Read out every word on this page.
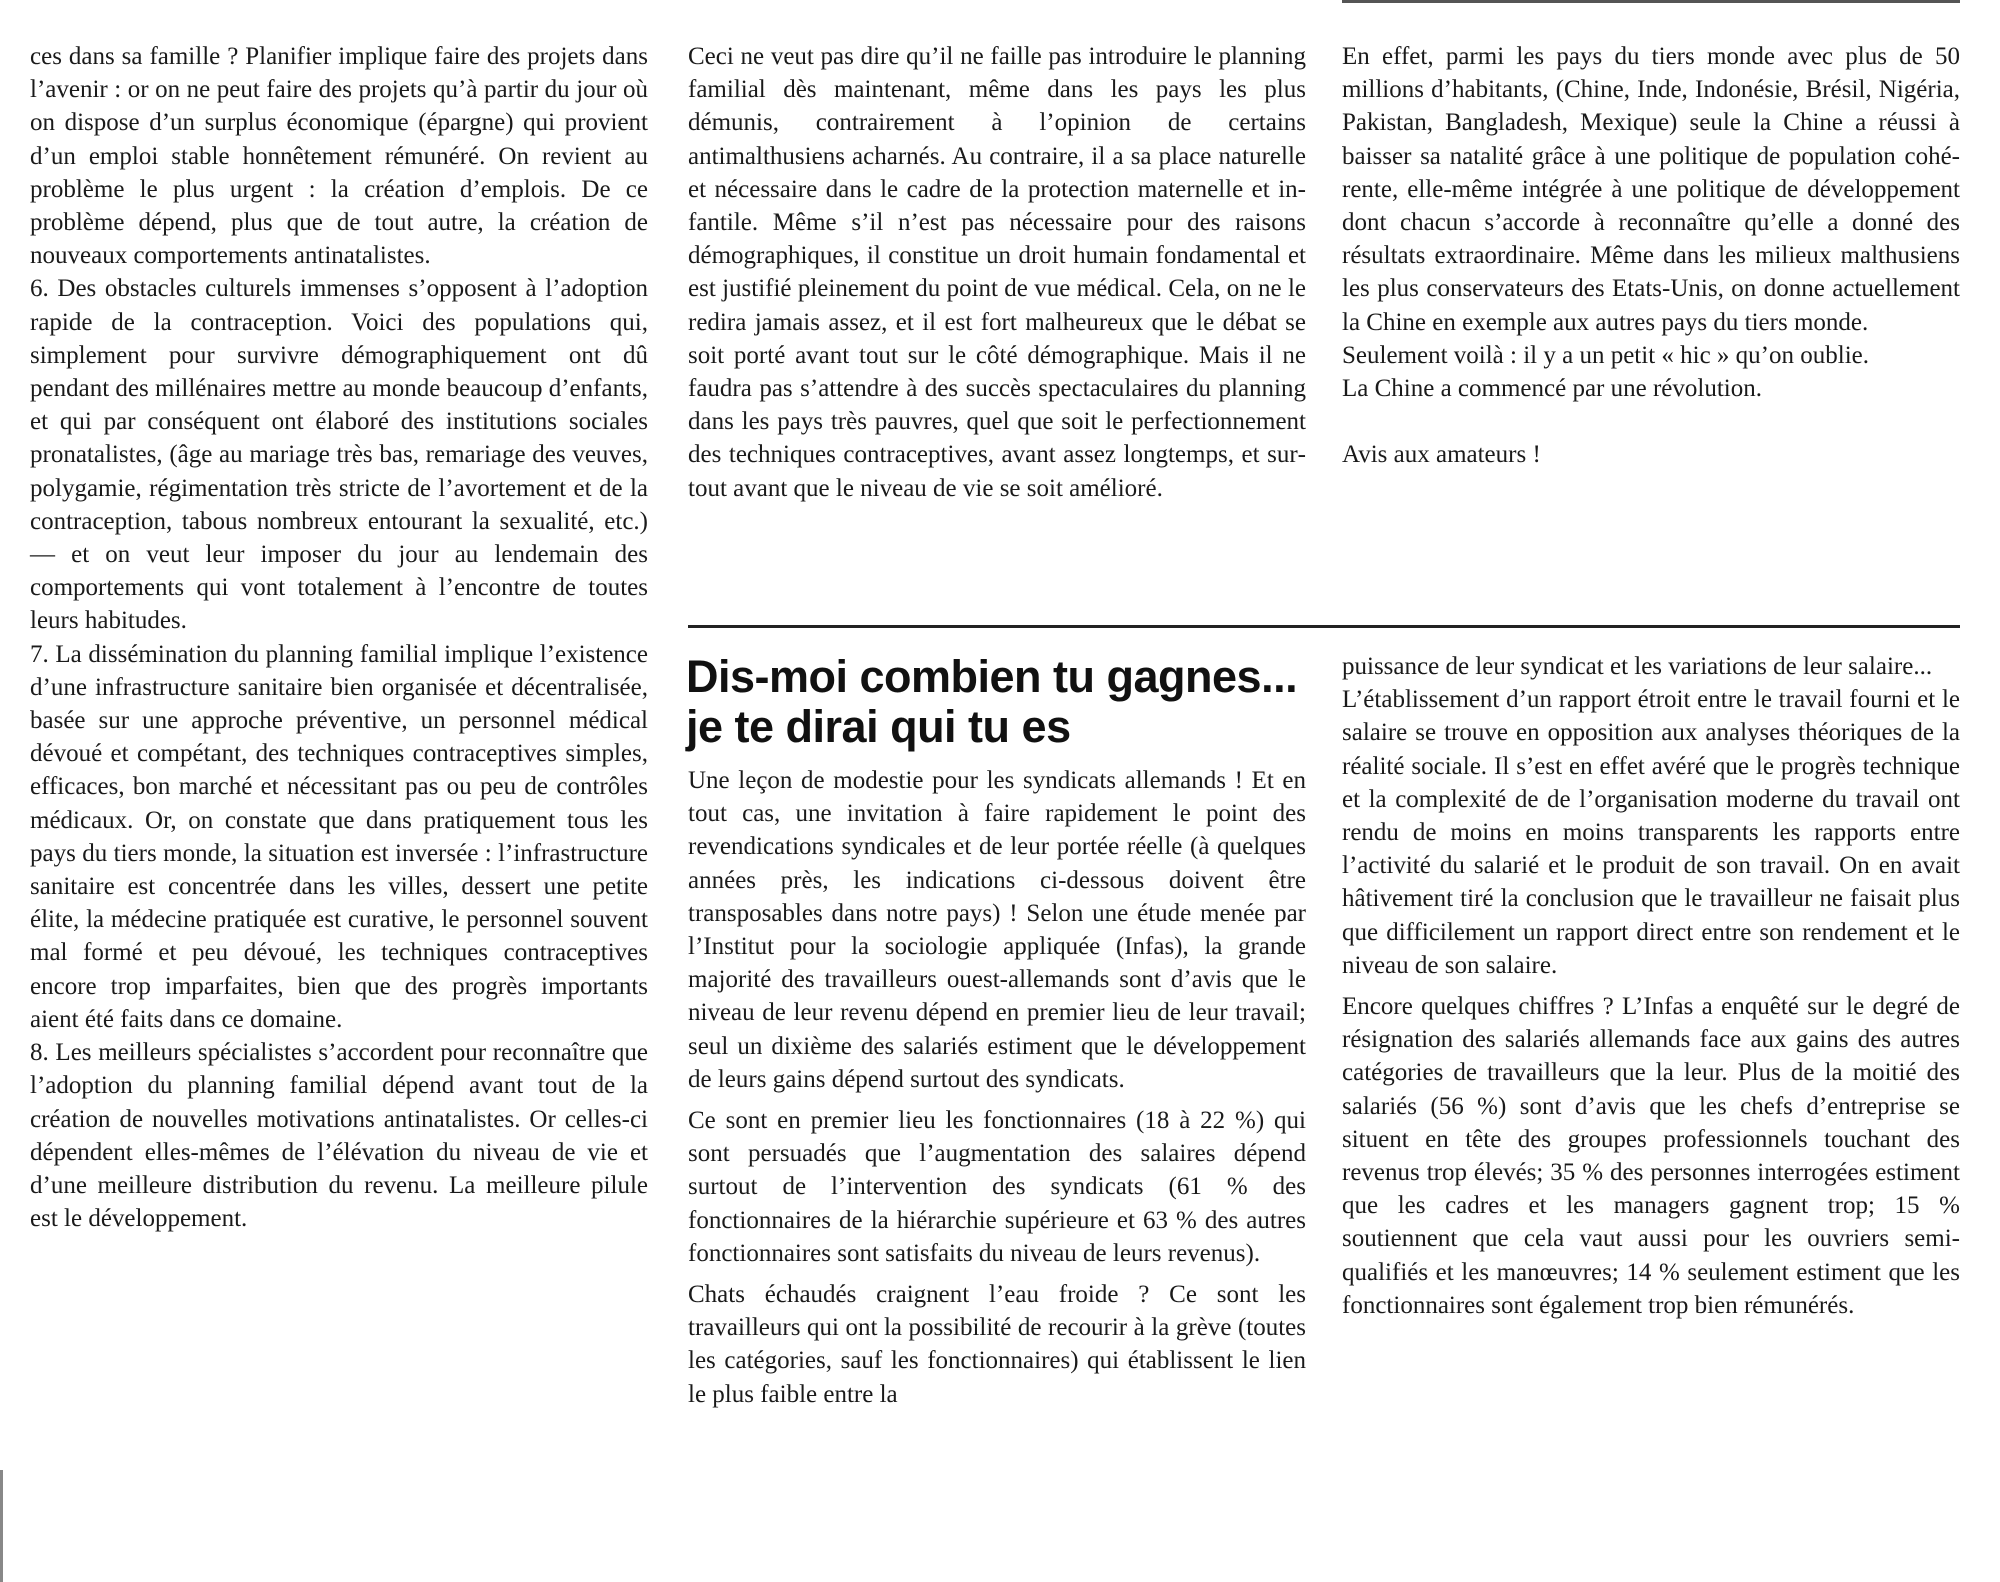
ces dans sa famille ? Planifier implique faire des projets dans l’avenir : or on ne peut faire des projets qu’à partir du jour où on dispose d’un surplus économique (épargne) qui provient d’un emploi stable honnêtement rémunéré. On revient au problème le plus urgent : la création d’emplois. De ce problème dépend, plus que de tout autre, la création de nouveaux comportements antinatalistes.

6. Des obstacles culturels immenses s’opposent à l’adoption rapide de la contraception. Voici des populations qui, simplement pour survivre démographiquement ont dû pendant des millénaires mettre au monde beaucoup d’enfants, et qui par conséquent ont élaboré des institutions sociales pronatalistes, (âge au mariage très bas, remariage des veuves, polygamie, régimentation très stricte de l’avortement et de la contraception, tabous nombreux entourant la sexualité, etc.) — et on veut leur imposer du jour au lendemain des comportements qui vont totalement à l’encontre de toutes leurs habitudes.

7. La dissémination du planning familial implique l’existence d’une infrastructure sanitaire bien organisée et décentralisée, basée sur une approche préventive, un personnel médical dévoué et compétant, des techniques contraceptives simples, efficaces, bon marché et nécessitant pas ou peu de contrôles médicaux. Or, on constate que dans pratiquement tous les pays du tiers monde, la situation est inversée : l’infrastructure sanitaire est concentrée dans les villes, dessert une petite élite, la médecine pratiquée est curative, le personnel souvent mal formé et peu dévoué, les techniques contraceptives encore trop imparfaites, bien que des progrès importants aient été faits dans ce domaine.

8. Les meilleurs spécialistes s’accordent pour reconnaître que l’adoption du planning familial dépend avant tout de la création de nouvelles motivations antinatalistes. Or celles-ci dépendent elles-mêmes de l’élévation du niveau de vie et d’une meilleure distribution du revenu. La meilleure pilule est le développement.

Ceci ne veut pas dire qu’il ne faille pas introduire le planning familial dès maintenant, même dans les pays les plus démunis, contrairement à l’opinion de certains antimalthusiens acharnés. Au contraire, il a sa place naturelle et nécessaire dans le cadre de la protection maternelle et infantile. Même s’il n’est pas nécessaire pour des raisons démographiques, il constitue un droit humain fondamental et est justifié pleinement du point de vue médical. Cela, on ne le redira jamais assez, et il est fort malheureux que le débat se soit porté avant tout sur le côté démographique. Mais il ne faudra pas s’attendre à des succès spectaculaires du planning dans les pays très pauvres, quel que soit le perfectionnement des techniques contraceptives, avant assez longtemps, et surtout avant que le niveau de vie se soit amélioré.

En effet, parmi les pays du tiers monde avec plus de 50 millions d’habitants, (Chine, Inde, Indonésie, Brésil, Nigéria, Pakistan, Bangladesh, Mexique) seule la Chine a réussi à baisser sa natalité grâce à une politique de population cohérente, elle-même intégrée à une politique de développement dont chacun s’accorde à reconnaître qu’elle a donné des résultats extraordinaire. Même dans les milieux malthusiens les plus conservateurs des Etats-Unis, on donne actuellement la Chine en exemple aux autres pays du tiers monde.

Seulement voilà : il y a un petit « hic » qu’on oublie.

La Chine a commencé par une révolution.

Avis aux amateurs !

Dis-moi combien tu gagnes...
je te dirai qui tu es

Une leçon de modestie pour les syndicats allemands ! Et en tout cas, une invitation à faire rapidement le point des revendications syndicales et de leur portée réelle (à quelques années près, les indications ci-dessous doivent être transposables dans notre pays) ! Selon une étude menée par l’Institut pour la sociologie appliquée (Infas), la grande majorité des travailleurs ouest-allemands sont d’avis que le niveau de leur revenu dépend en premier lieu de leur travail; seul un dixième des salariés estiment que le développement de leurs gains dépend surtout des syndicats.

Ce sont en premier lieu les fonctionnaires (18 à 22 %) qui sont persuadés que l’augmentation des salaires dépend surtout de l’intervention des syndicats (61 % des fonctionnaires de la hiérarchie supérieure et 63 % des autres fonctionnaires sont satisfaits du niveau de leurs revenus).

Chats échaudés craignent l’eau froide ? Ce sont les travailleurs qui ont la possibilité de recourir à la grève (toutes les catégories, sauf les fonctionnaires) qui établissent le lien le plus faible entre la

puissance de leur syndicat et les variations de leur salaire...

L’établissement d’un rapport étroit entre le travail fourni et le salaire se trouve en opposition aux analyses théoriques de la réalité sociale. Il s’est en effet avéré que le progrès technique et la complexité de de l’organisation moderne du travail ont rendu de moins en moins transparents les rapports entre l’activité du salarié et le produit de son travail. On en avait hâtivement tiré la conclusion que le travailleur ne faisait plus que difficilement un rapport direct entre son rendement et le niveau de son salaire.

Encore quelques chiffres ? L’Infas a enquêté sur le degré de résignation des salariés allemands face aux gains des autres catégories de travailleurs que la leur. Plus de la moitié des salariés (56 %) sont d’avis que les chefs d’entreprise se situent en tête des groupes professionnels touchant des revenus trop élevés; 35 % des personnes interrogées estiment que les cadres et les managers gagnent trop; 15 % soutiennent que cela vaut aussi pour les ouvriers semi-qualifiés et les manœuvres; 14 % seulement estiment que les fonctionnaires sont également trop bien rémunérés.
